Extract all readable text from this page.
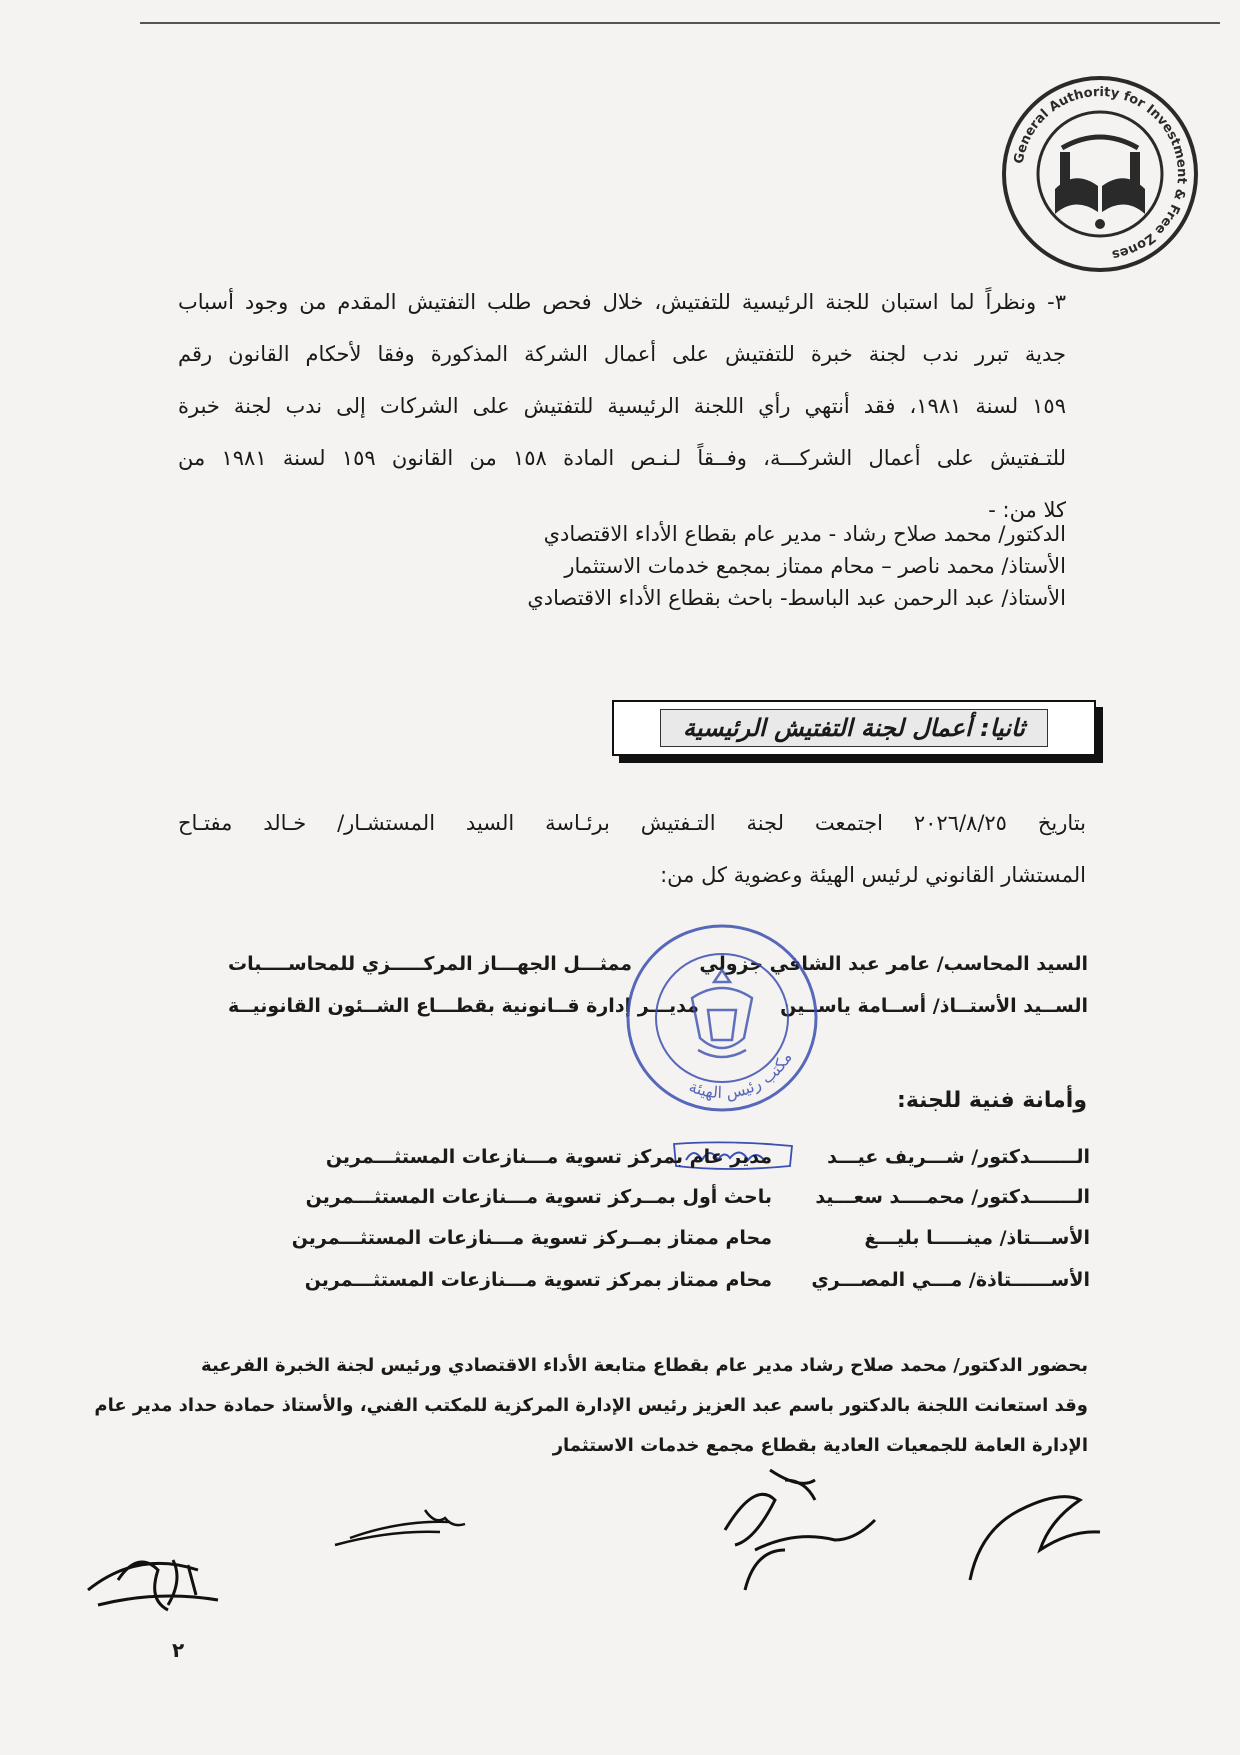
General Authority for Investment & Free Zones
٣- ونظراً لما استبان للجنة الرئيسية للتفتيش، خلال فحص طلب التفتيش المقدم من وجود أسباب
جدية تبرر ندب لجنة خبرة للتفتيش على أعمال الشركة المذكورة وفقا لأحكام القانون رقم
١٥٩ لسنة ١٩٨١، فقد أنتهي رأي اللجنة الرئيسية للتفتيش على الشركات إلى ندب لجنة خبرة
للتـفتيش على أعمال الشركـــة، وفــقاً لـنـص المادة ١٥٨ من القانون ١٥٩ لسنة ١٩٨١ من
كلا من: -
الدكتور/ محمد صلاح رشاد - مدير عام بقطاع الأداء الاقتصادي
الأستاذ/ محمد ناصر – محام ممتاز بمجمع خدمات الاستثمار
الأستاذ/ عبد الرحمن عبد الباسط- باحث بقطاع الأداء الاقتصادي
ثانيا: أعمال لجنة التفتيش الرئيسية
بتاريخ ٢٠٢٦/٨/٢٥ اجتمعت لجنة التـفتيش برئـاسة السيد المستشـار/ خـالد مفتـاح
المستشار القانوني لرئيس الهيئة وعضوية كل من:
السيد المحاسب/ عامر عبد الشافي جزولي
ممثـــل الجهـــاز المركـــــزي للمحاســــبات
الســيد الأستــاذ/ أســامة ياســين
مديـــر إدارة قــانونية بقطـــاع الشــئون القانونيــة
مكتب رئيس الهيئة
وأمانة فنية للجنة:
الـــــــدكتور/ شـــريف عيـــد
مدير عام بمركز تسوية مـــنازعات المستثـــمرين
الـــــــدكتور/ محمــــد سعـــيد
باحث أول بمــركز تسوية مـــنازعات المستثـــمرين
الأســـتاذ/ مينـــــا بليـــغ
محام ممتاز بمــركز تسوية مـــنازعات المستثـــمرين
الأســــــتاذة/ مـــي المصـــري
محام ممتاز بمركز تسوية مـــنازعات المستثـــمرين
بحضور الدكتور/ محمد صلاح رشاد مدير عام بقطاع متابعة الأداء الاقتصادي ورئيس لجنة الخبرة الفرعية
وقد استعانت اللجنة بالدكتور باسم عبد العزيز رئيس الإدارة المركزية للمكتب الفني، والأستاذ حمادة حداد مدير عام
الإدارة العامة للجمعيات العادية بقطاع مجمع خدمات الاستثمار
٢
